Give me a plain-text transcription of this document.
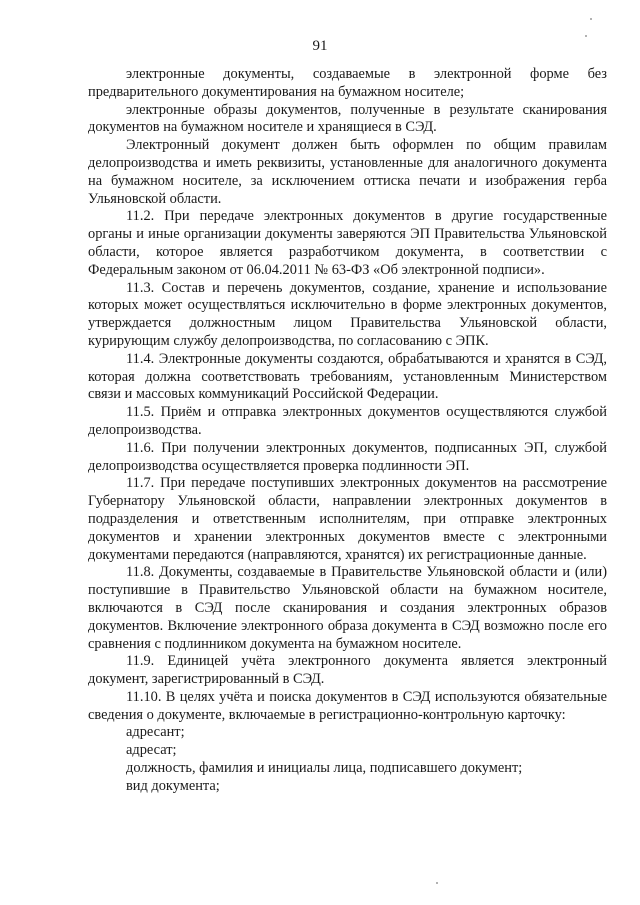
91

электронные документы, создаваемые в электронной форме без предварительного документирования на бумажном носителе;

электронные образы документов, полученные в результате сканирования документов на бумажном носителе и хранящиеся в СЭД.

Электронный документ должен быть оформлен по общим правилам делопроизводства и иметь реквизиты, установленные для аналогичного документа на бумажном носителе, за исключением оттиска печати и изображения герба Ульяновской области.

11.2. При передаче электронных документов в другие государственные органы и иные организации документы заверяются ЭП Правительства Ульяновской области, которое является разработчиком документа, в соответствии с Федеральным законом от 06.04.2011 № 63-ФЗ «Об электронной подписи».

11.3. Состав и перечень документов, создание, хранение и использование которых может осуществляться исключительно в форме электронных документов, утверждается должностным лицом Правительства Ульяновской области, курирующим службу делопроизводства, по согласованию с ЭПК.

11.4. Электронные документы создаются, обрабатываются и хранятся в СЭД, которая должна соответствовать требованиям, установленным Министерством связи и массовых коммуникаций Российской Федерации.

11.5. Приём и отправка электронных документов осуществляются службой делопроизводства.

11.6. При получении электронных документов, подписанных ЭП, службой делопроизводства осуществляется проверка подлинности ЭП.

11.7. При передаче поступивших электронных документов на рассмотрение Губернатору Ульяновской области, направлении электронных документов в подразделения и ответственным исполнителям, при отправке электронных документов и хранении электронных документов вместе с электронными документами передаются (направляются, хранятся) их регистрационные данные.

11.8. Документы, создаваемые в Правительстве Ульяновской области и (или) поступившие в Правительство Ульяновской области на бумажном носителе, включаются в СЭД после сканирования и создания электронных образов документов. Включение электронного образа документа в СЭД возможно после его сравнения с подлинником документа на бумажном носителе.

11.9. Единицей учёта электронного документа является электронный документ, зарегистрированный в СЭД.

11.10. В целях учёта и поиска документов в СЭД используются обязательные сведения о документе, включаемые в регистрационно-контрольную карточку:

адресант;

адресат;

должность, фамилия и инициалы лица, подписавшего документ;

вид документа;
